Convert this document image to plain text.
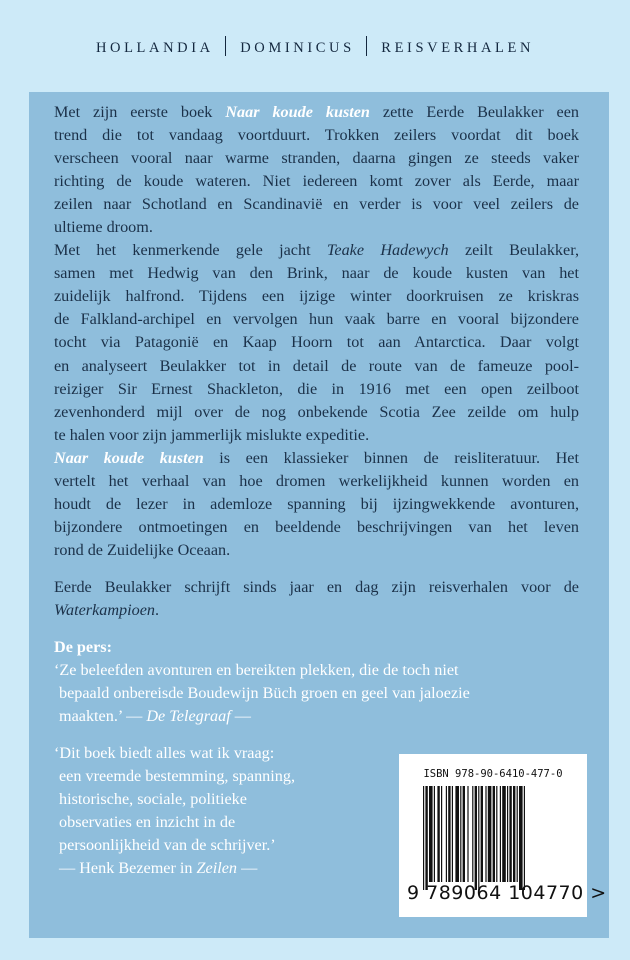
HOLLANDIA DOMINICUS REISVERHALEN
Met zijn eerste boek Naar koude kusten zette Eerde Beulakker een
trend die tot vandaag voortduurt. Trokken zeilers voordat dit boek
verscheen vooral naar warme stranden, daarna gingen ze steeds vaker
richting de koude wateren. Niet iedereen komt zover als Eerde, maar
zeilen naar Schotland en Scandinavië en verder is voor veel zeilers de
ultieme droom.
Met het kenmerkende gele jacht Teake Hadewych zeilt Beulakker,
samen met Hedwig van den Brink, naar de koude kusten van het
zuidelijk halfrond. Tijdens een ijzige winter doorkruisen ze kriskras
de Falkland-archipel en vervolgen hun vaak barre en vooral bijzondere
tocht via Patagonië en Kaap Hoorn tot aan Antarctica. Daar volgt
en analyseert Beulakker tot in detail de route van de fameuze pool-
reiziger Sir Ernest Shackleton, die in 1916 met een open zeilboot
zevenhonderd mijl over de nog onbekende Scotia Zee zeilde om hulp
te halen voor zijn jammerlijk mislukte expeditie.
Naar koude kusten is een klassieker binnen de reisliteratuur. Het
vertelt het verhaal van hoe dromen werkelijkheid kunnen worden en
houdt de lezer in ademloze spanning bij ijzingwekkende avonturen,
bijzondere ontmoetingen en beeldende beschrijvingen van het leven
rond de Zuidelijke Oceaan.
Eerde Beulakker schrijft sinds jaar en dag zijn reisverhalen voor de
Waterkampioen.
De pers:
‘Ze beleefden avonturen en bereikten plekken, die de toch niet
bepaald onbereisde Boudewijn Büch groen en geel van jaloezie
maakten.’ — De Telegraaf —
‘Dit boek biedt alles wat ik vraag:
een vreemde bestemming, spanning,
historische, sociale, politieke
observaties en inzicht in de
persoonlijkheid van de schrijver.’
— Henk Bezemer in Zeilen —
ISBN 978-90-6410-477-0
9 789064 104770 >
